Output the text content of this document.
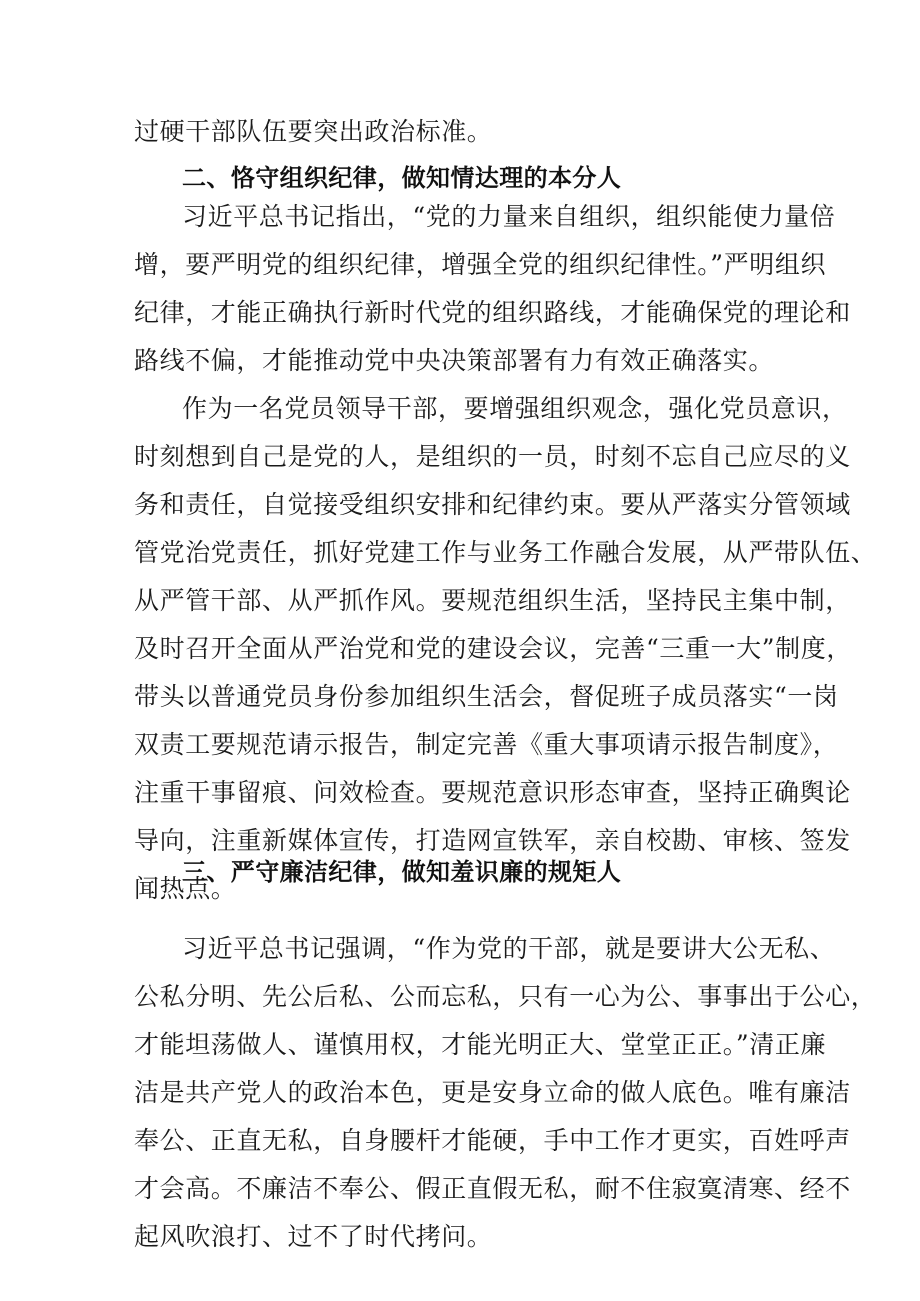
过硬干部队伍要突出政治标准。
习近平总书记指出，“党的力量来自组织，组织能使力量倍
增，要严明党的组织纪律，增强全党的组织纪律性。”严明组织
纪律，才能正确执行新时代党的组织路线，才能确保党的理论和
路线不偏，才能推动党中央决策部署有力有效正确落实。
作为一名党员领导干部，要增强组织观念，强化党员意识，
时刻想到自己是党的人，是组织的一员，时刻不忘自己应尽的义
务和责任，自觉接受组织安排和纪律约束。要从严落实分管领域
管党治党责任，抓好党建工作与业务工作融合发展，从严带队伍、
从严管干部、从严抓作风。要规范组织生活，坚持民主集中制，
及时召开全面从严治党和党的建设会议，完善“三重一大”制度，
带头以普通党员身份参加组织生活会，督促班子成员落实“一岗
双责工要规范请示报告，制定完善《重大事项请示报告制度》，
注重干事留痕、问效检查。要规范意识形态审查，坚持正确舆论
导向，注重新媒体宣传，打造网宣铁军，亲自校勘、审核、签发
闻热点。
习近平总书记强调，“作为党的干部，就是要讲大公无私、
公私分明、先公后私、公而忘私，只有一心为公、事事出于公心，
才能坦荡做人、谨慎用权，才能光明正大、堂堂正正。”清正廉
洁是共产党人的政治本色，更是安身立命的做人底色。唯有廉洁
奉公、正直无私，自身腰杆才能硬，手中工作才更实，百姓呼声
才会高。不廉洁不奉公、假正直假无私，耐不住寂寞清寒、经不
起风吹浪打、过不了时代拷问。
二、恪守组织纪律，做知情达理的本分人
三、严守廉洁纪律，做知羞识廉的规矩人
